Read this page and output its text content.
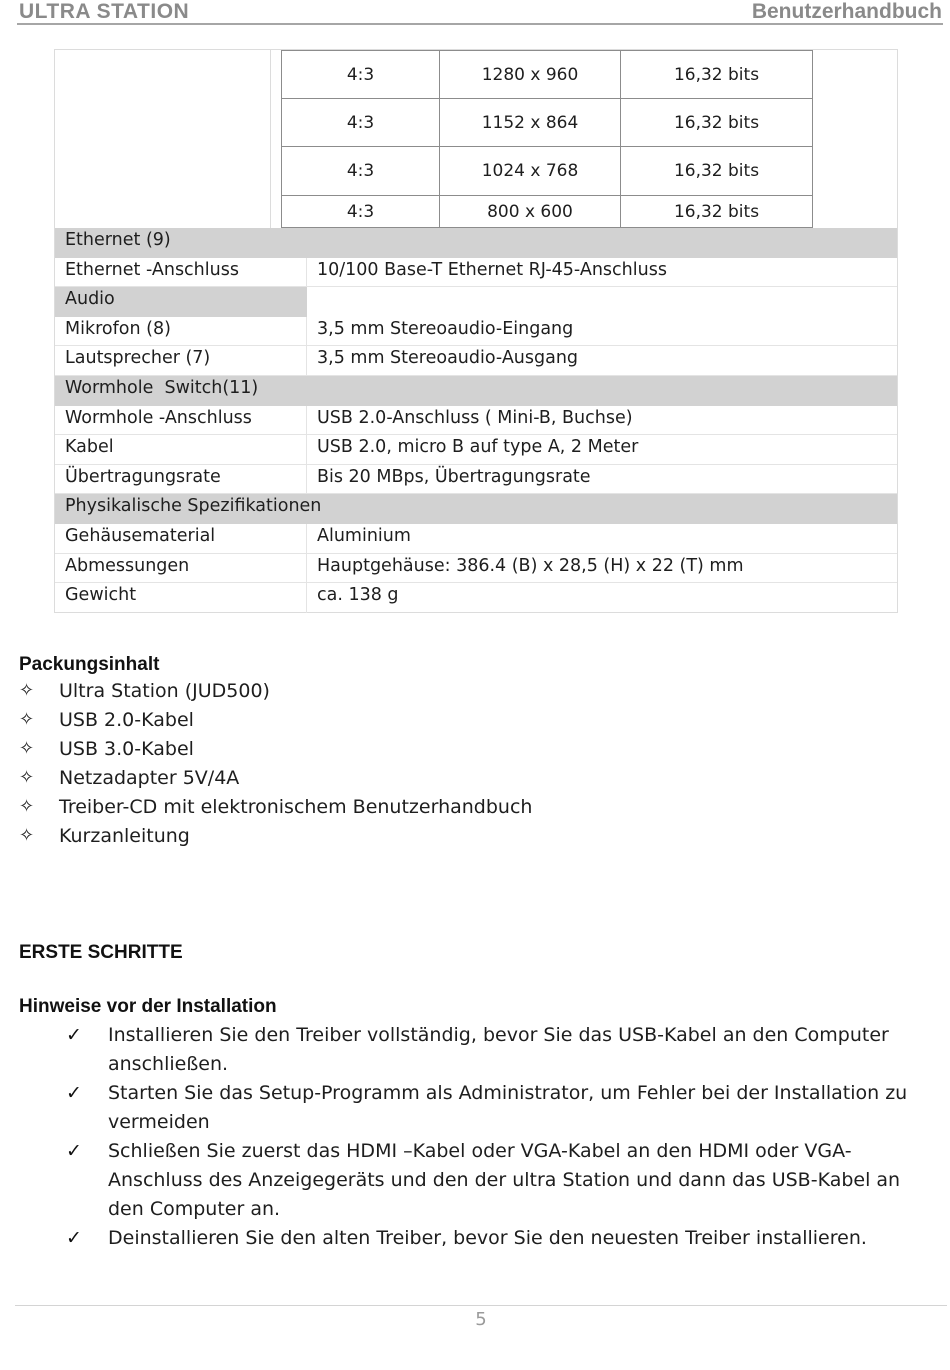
ULTRA STATION	Benutzerhandbuch
4:3	1280 x 960	16,32 bits
4:3	1152 x 864	16,32 bits
4:3	1024 x 768	16,32 bits
4:3	800 x 600	16,32 bits
Ethernet (9)
Ethernet -Anschluss	10/100 Base-T Ethernet RJ-45-Anschluss
Audio
Mikrofon (8)	3,5 mm Stereoaudio-Eingang
Lautsprecher (7)	3,5 mm Stereoaudio-Ausgang
Wormhole  Switch(11)
Wormhole -Anschluss	USB 2.0-Anschluss ( Mini-B, Buchse)
Kabel	USB 2.0, micro B auf type A, 2 Meter
Übertragungsrate	Bis 20 MBps, Übertragungsrate
Physikalische Spezifikationen
Gehäusematerial	Aluminium
Abmessungen	Hauptgehäuse: 386.4 (B) x 28,5 (H) x 22 (T) mm
Gewicht	ca. 138 g
Packungsinhalt
✧	Ultra Station (JUD500)
✧	USB 2.0-Kabel
✧	USB 3.0-Kabel
✧	Netzadapter 5V/4A
✧	Treiber-CD mit elektronischem Benutzerhandbuch
✧	Kurzanleitung
ERSTE SCHRITTE
Hinweise vor der Installation
✓ Installieren Sie den Treiber vollständig, bevor Sie das USB-Kabel an den Computer anschließen.
✓ Starten Sie das Setup-Programm als Administrator, um Fehler bei der Installation zu vermeiden
✓ Schließen Sie zuerst das HDMI –Kabel oder VGA-Kabel an den HDMI oder VGA-Anschluss des Anzeigegeräts und den der ultra Station und dann das USB-Kabel an den Computer an.
✓ Deinstallieren Sie den alten Treiber, bevor Sie den neuesten Treiber installieren.
5
